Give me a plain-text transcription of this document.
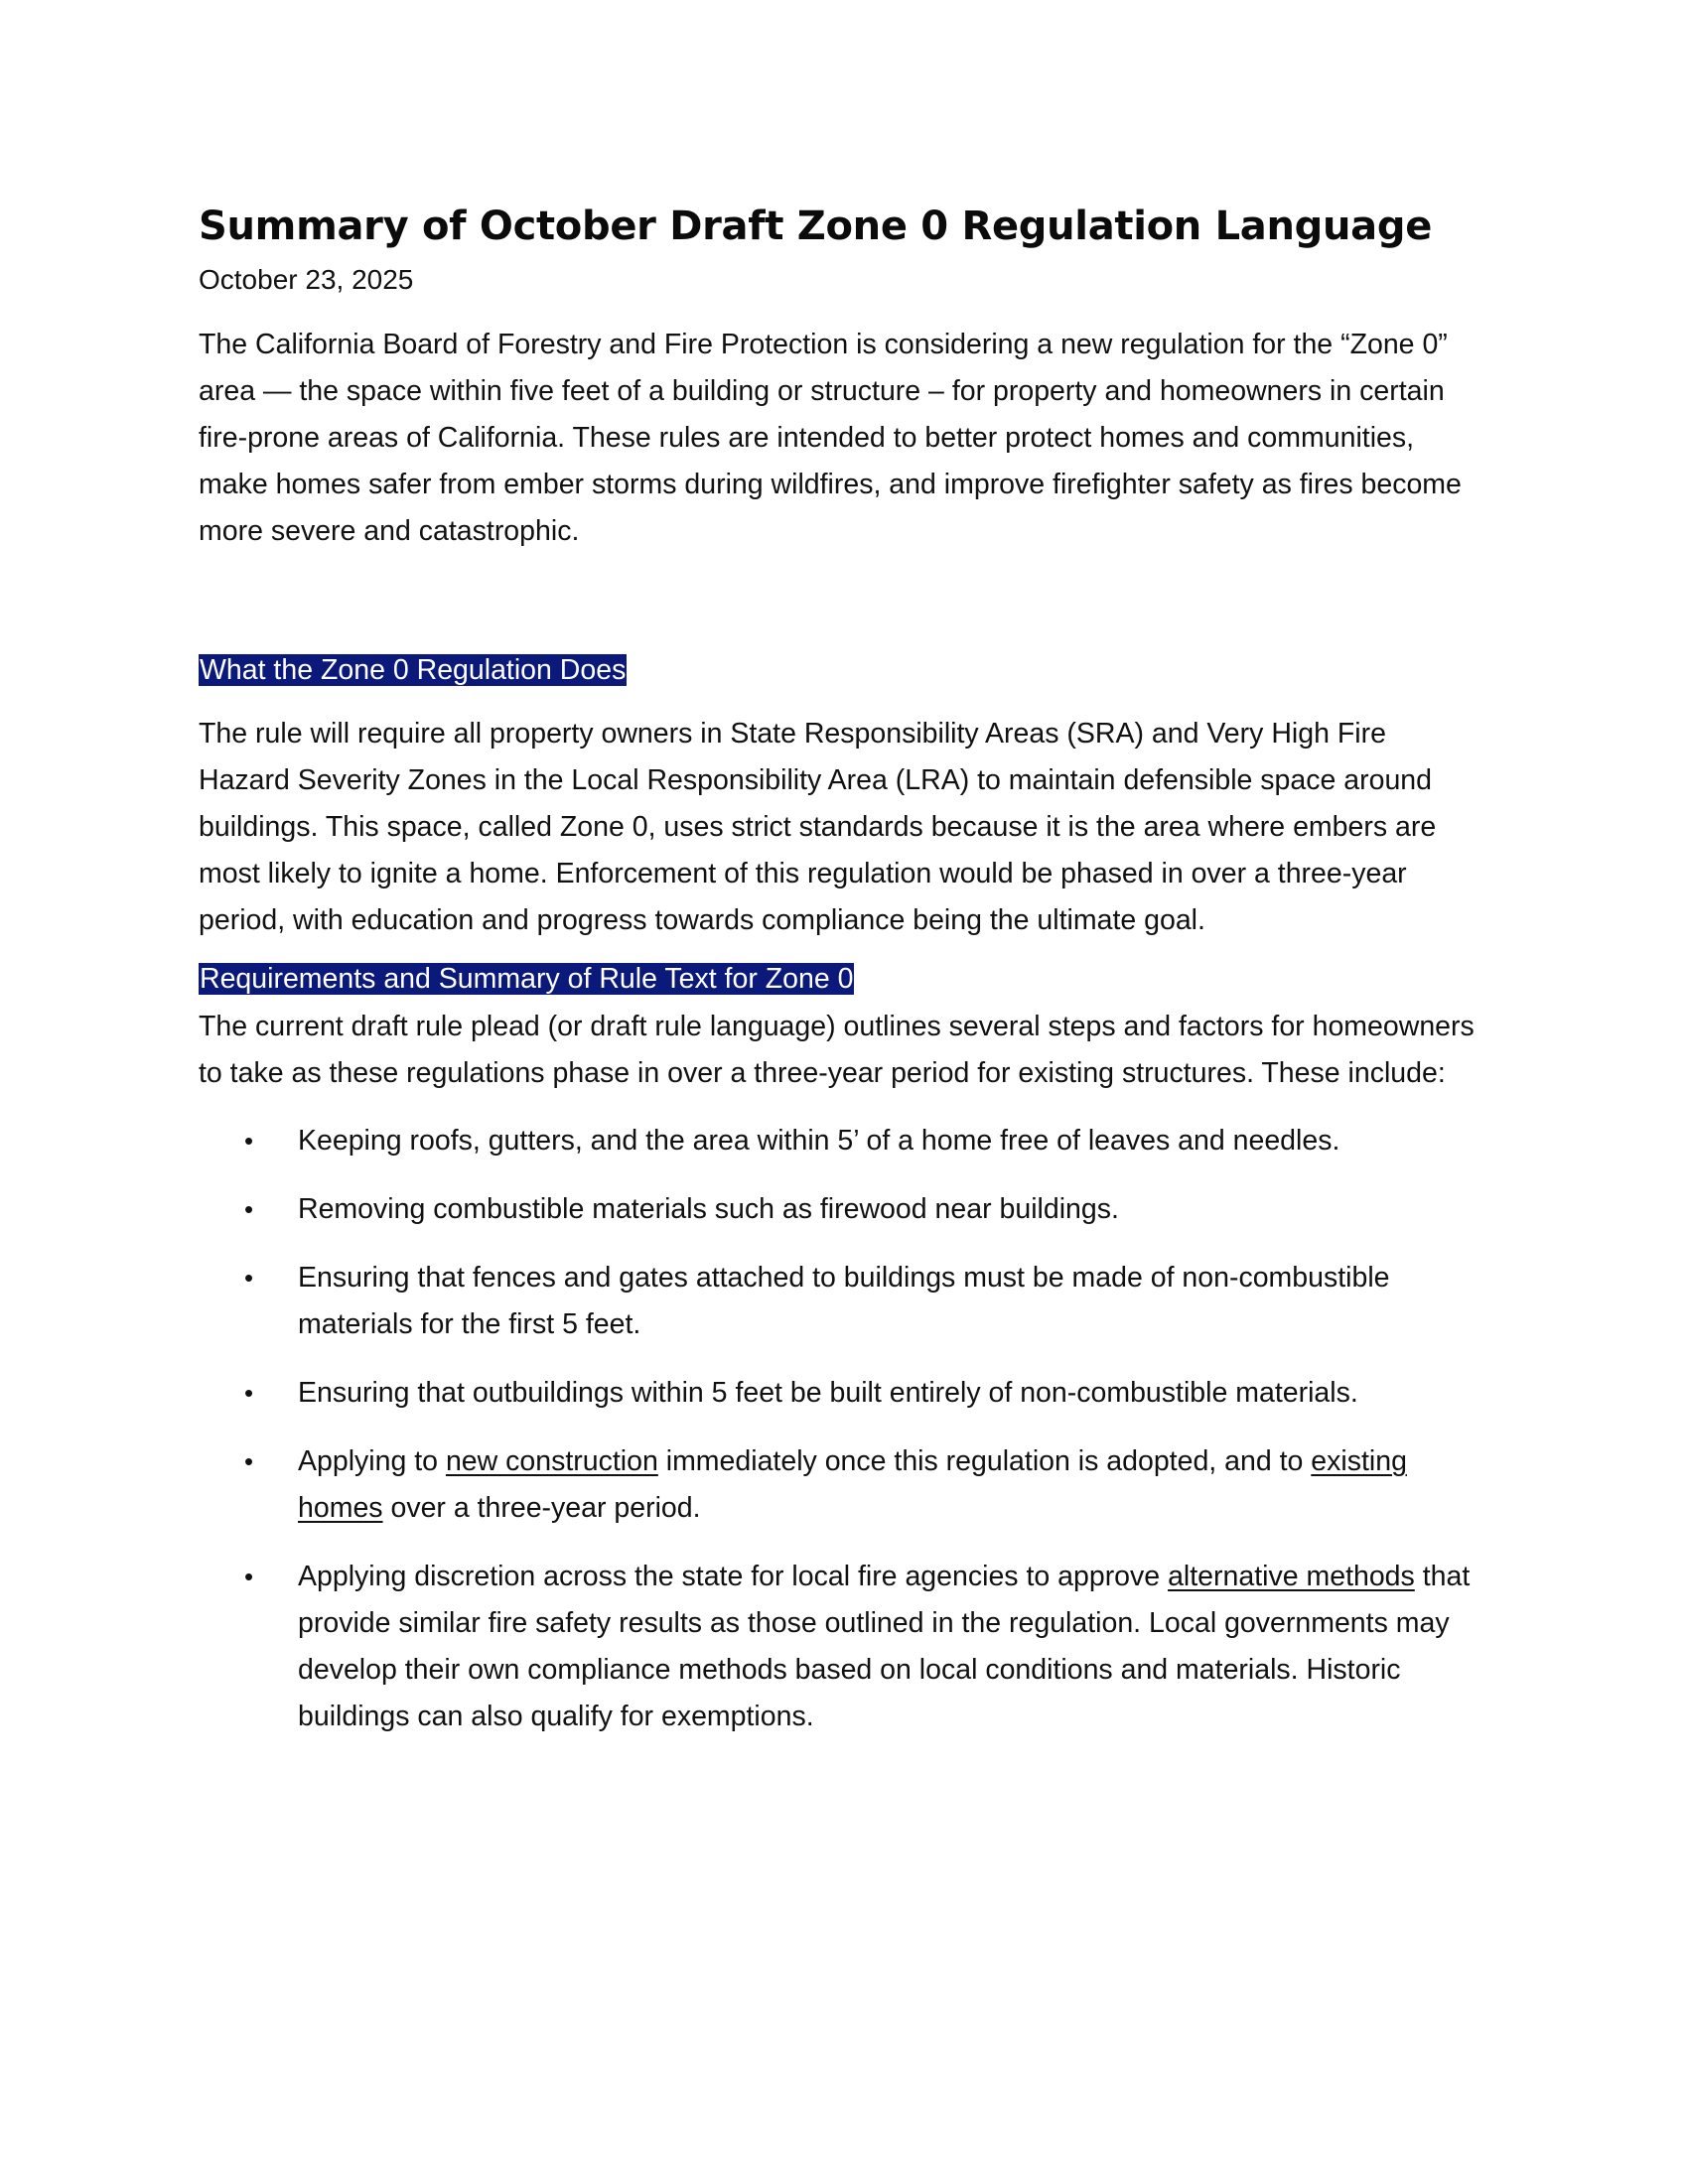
Summary of October Draft Zone 0 Regulation Language

October 23, 2025

The California Board of Forestry and Fire Protection is considering a new regulation for the “Zone 0” area — the space within five feet of a building or structure – for property and homeowners in certain fire-prone areas of California. These rules are intended to better protect homes and communities, make homes safer from ember storms during wildfires, and improve firefighter safety as fires become more severe and catastrophic.

What the Zone 0 Regulation Does

The rule will require all property owners in State Responsibility Areas (SRA) and Very High Fire Hazard Severity Zones in the Local Responsibility Area (LRA) to maintain defensible space around buildings. This space, called Zone 0, uses strict standards because it is the area where embers are most likely to ignite a home. Enforcement of this regulation would be phased in over a three-year period, with education and progress towards compliance being the ultimate goal.

Requirements and Summary of Rule Text for Zone 0

The current draft rule plead (or draft rule language) outlines several steps and factors for homeowners to take as these regulations phase in over a three-year period for existing structures. These include:

• Keeping roofs, gutters, and the area within 5’ of a home free of leaves and needles.
• Removing combustible materials such as firewood near buildings.
• Ensuring that fences and gates attached to buildings must be made of non-combustible materials for the first 5 feet.
• Ensuring that outbuildings within 5 feet be built entirely of non-combustible materials.
• Applying to new construction immediately once this regulation is adopted, and to existing homes over a three-year period.
• Applying discretion across the state for local fire agencies to approve alternative methods that provide similar fire safety results as those outlined in the regulation. Local governments may develop their own compliance methods based on local conditions and materials. Historic buildings can also qualify for exemptions.
